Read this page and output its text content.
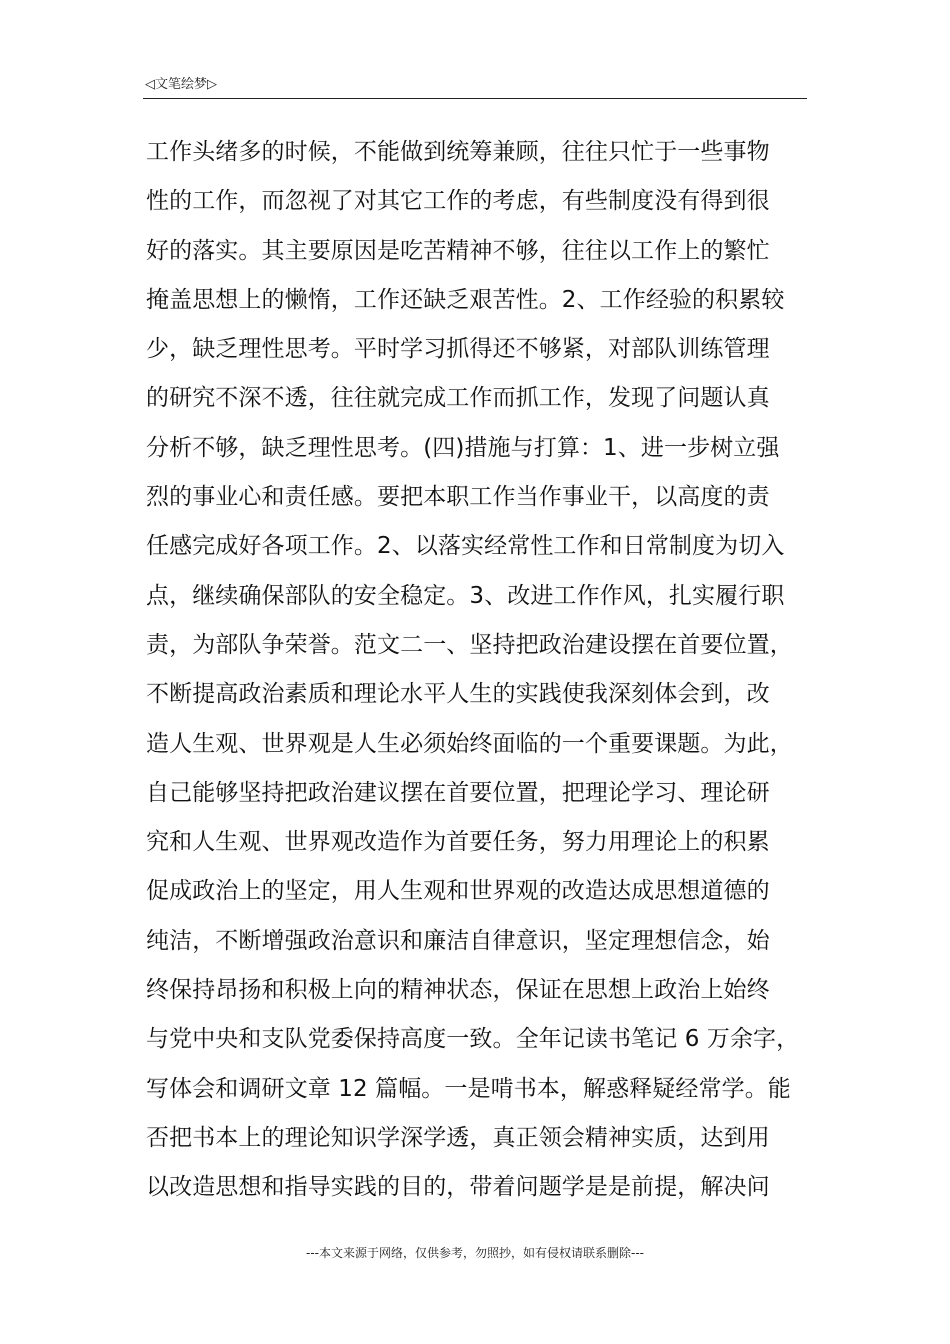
◁文笔绘梦▷
工作头绪多的时候，不能做到统筹兼顾，往往只忙于一些事物
性的工作，而忽视了对其它工作的考虑，有些制度没有得到很
好的落实。其主要原因是吃苦精神不够，往往以工作上的繁忙
掩盖思想上的懒惰，工作还缺乏艰苦性。2、工作经验的积累较
少，缺乏理性思考。平时学习抓得还不够紧，对部队训练管理
的研究不深不透，往往就完成工作而抓工作，发现了问题认真
分析不够，缺乏理性思考。(四)措施与打算：1、进一步树立强
烈的事业心和责任感。要把本职工作当作事业干，以高度的责
任感完成好各项工作。2、以落实经常性工作和日常制度为切入
点，继续确保部队的安全稳定。3、改进工作作风，扎实履行职
责，为部队争荣誉。范文二一、坚持把政治建设摆在首要位置，
不断提高政治素质和理论水平人生的实践使我深刻体会到，改
造人生观、世界观是人生必须始终面临的一个重要课题。为此，
自己能够坚持把政治建议摆在首要位置，把理论学习、理论研
究和人生观、世界观改造作为首要任务，努力用理论上的积累
促成政治上的坚定，用人生观和世界观的改造达成思想道德的
纯洁，不断增强政治意识和廉洁自律意识，坚定理想信念，始
终保持昂扬和积极上向的精神状态，保证在思想上政治上始终
与党中央和支队党委保持高度一致。全年记读书笔记 6 万余字，
写体会和调研文章 12 篇幅。一是啃书本，解惑释疑经常学。能
否把书本上的理论知识学深学透，真正领会精神实质，达到用
以改造思想和指导实践的目的，带着问题学是是前提，解决问
---本文来源于网络，仅供参考，勿照抄，如有侵权请联系删除---
